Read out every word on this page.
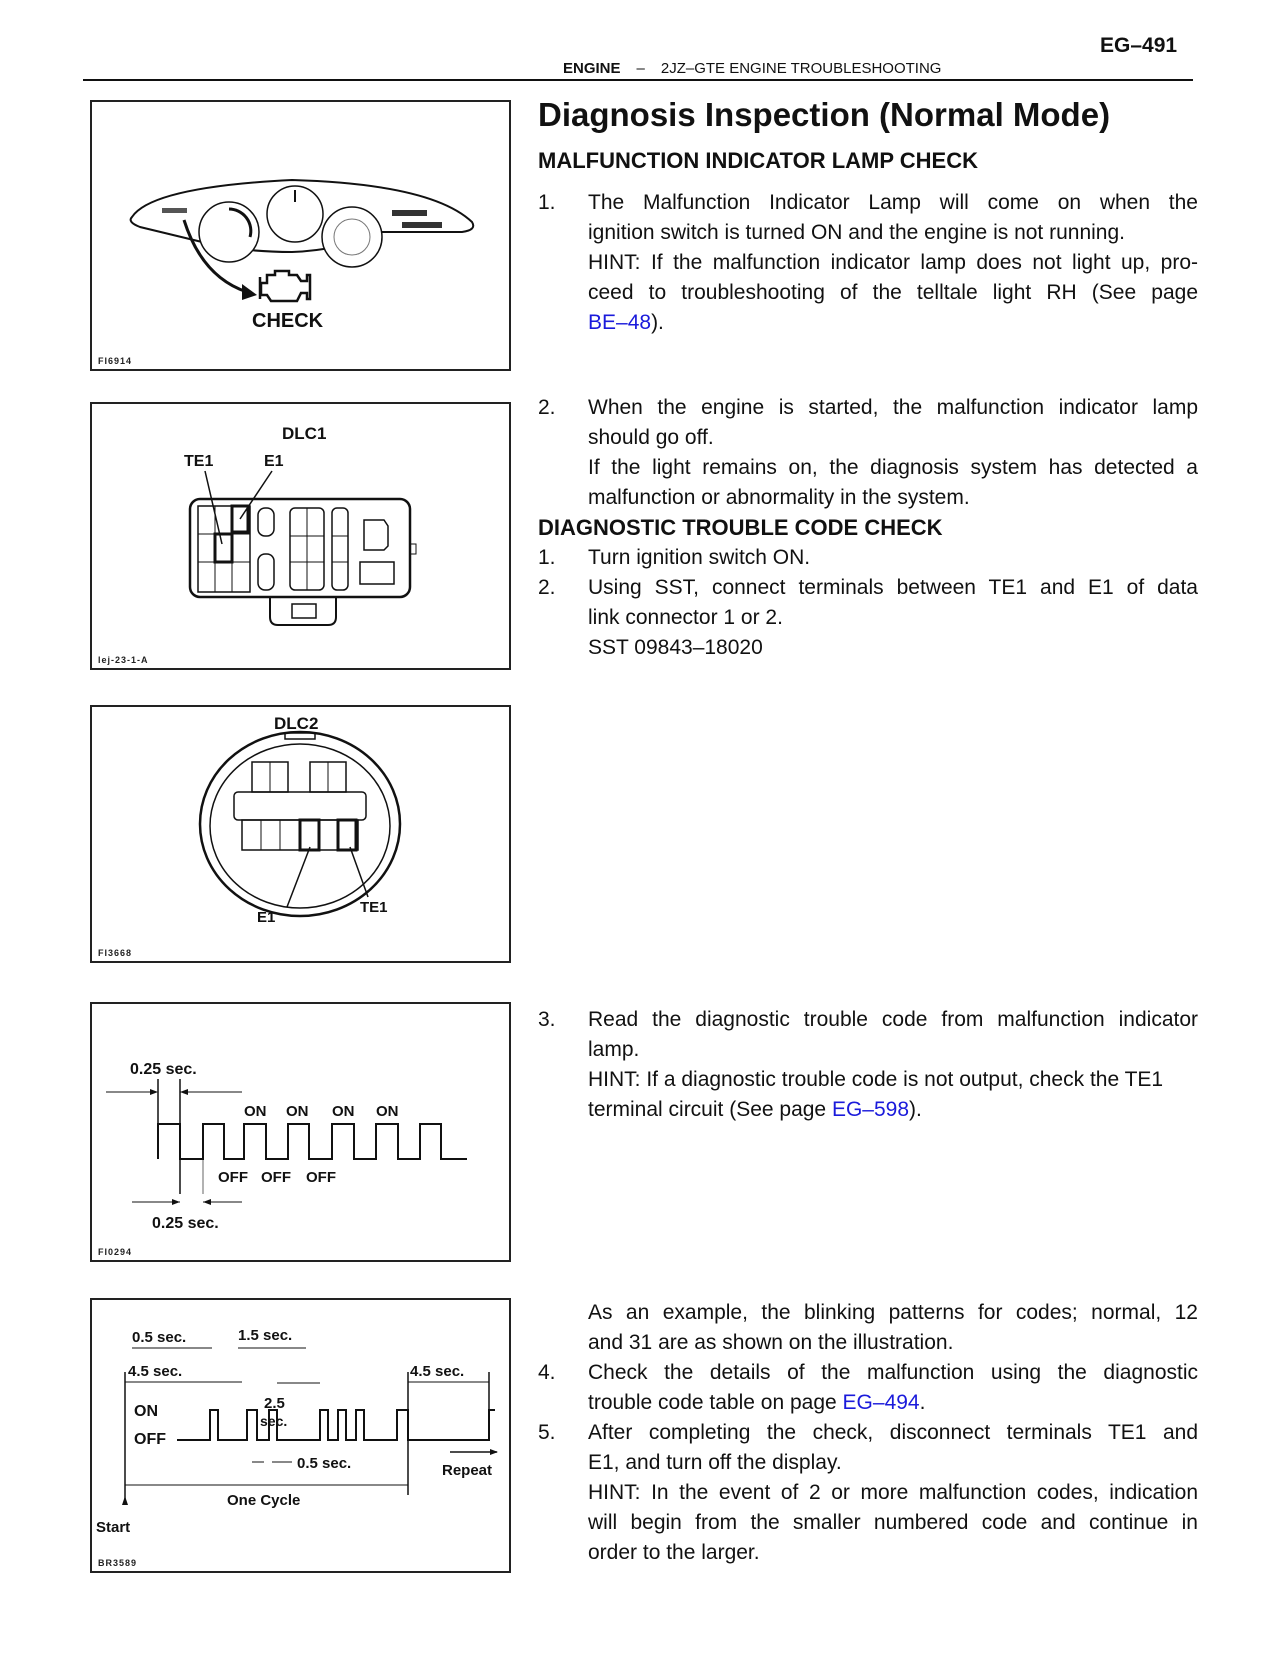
EG–491
ENGINE – 2JZ–GTE ENGINE TROUBLESHOOTING
CHECK
FI6914
DLC1
TE1	E1
lej-23-1-A
DLC2
E1
TE1
FI3668
0.25 sec.
ON ON ON ON
OFF OFF OFF
0.25 sec.
FI0294
0.5 sec.	1.5 sec.
4.5 sec.	4.5 sec.
2.5
sec.
ON
OFF
0.5 sec.	Repeat
One Cycle
Start
BR3589
Diagnosis Inspection (Normal Mode)
MALFUNCTION INDICATOR LAMP CHECK
1. The Malfunction Indicator Lamp will come on when the
ignition switch is turned ON and the engine is not running.
HINT: If the malfunction indicator lamp does not light up, pro-
ceed to troubleshooting of the telltale light RH (See page
BE–48).
2. When the engine is started, the malfunction indicator lamp
should go off.
If the light remains on, the diagnosis system has detected a
malfunction or abnormality in the system.
DIAGNOSTIC TROUBLE CODE CHECK
1. Turn ignition switch ON.
2. Using SST, connect terminals between TE1 and E1 of data
link connector 1 or 2.
SST 09843–18020
3. Read the diagnostic trouble code from malfunction indicator
lamp.
HINT: If a diagnostic trouble code is not output, check the TE1
terminal circuit (See page EG–598).
As an example, the blinking patterns for codes; normal, 12
and 31 are as shown on the illustration.
4. Check the details of the malfunction using the diagnostic
trouble code table on page EG–494.
5. After completing the check, disconnect terminals TE1 and
E1, and turn off the display.
HINT: In the event of 2 or more malfunction codes, indication
will begin from the smaller numbered code and continue in
order to the larger.
